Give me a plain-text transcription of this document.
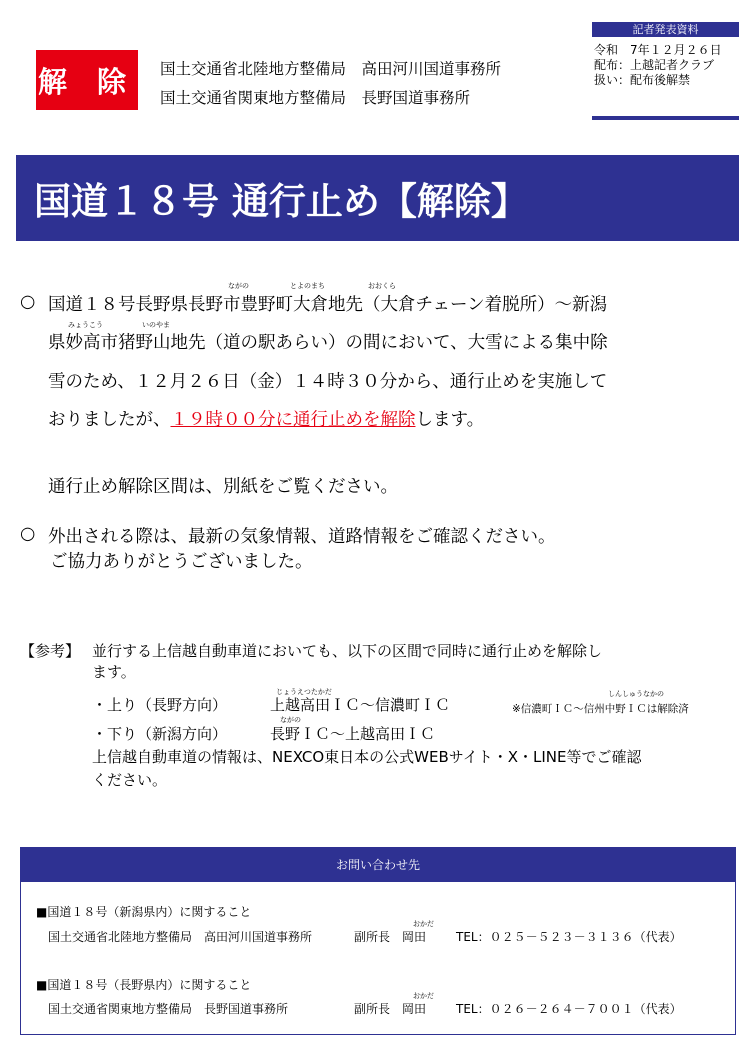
記者発表資料
令和　7年１２月２６日
配布：上越記者クラブ
扱い：配布後解禁
解 除 国土交通省北陸地方整備局　高田河川国道事務所
国土交通省関東地方整備局　長野国道事務所
国道１８号 通行止め【解除】
○
ながの	とよのまち	おおくら
国道１８号長野県長野市豊野町大倉地先（大倉チェーン着脱所）～新潟
みょうこう	いのやま
県妙高市猪野山地先（道の駅あらい）の間において、大雪による集中除
雪のため、１２月２６日（金）１４時３０分から、通行止めを実施して
おりましたが、１９時００分に通行止めを解除します。
通行止め解除区間は、別紙をご覧ください。
○ 外出される際は、最新の気象情報、道路情報をご確認ください。
ご協力ありがとうございました。
【参考】 並行する上信越自動車道においても、以下の区間で同時に通行止めを解除し
ます。
じょうえつたかだ	しんしゅうなかの
・上り（長野方向）	上越高田ＩＣ～信濃町ＩＣ	※信濃町ＩＣ～信州中野ＩＣは解除済
ながの
・下り（新潟方向）	長野ＩＣ～上越高田ＩＣ
上信越自動車道の情報は、NEXCO東日本の公式WEBサイト・X・LINE等でご確認
ください。
お問い合わせ先
■国道１８号（新潟県内）に関すること
おかだ
国土交通省北陸地方整備局　高田河川国道事務所	副所長　岡田 TEL：０２５－５２３－３１３６（代表）
■国道１８号（長野県内）に関すること
おかだ
国土交通省関東地方整備局　長野国道事務所	副所長　岡田 TEL：０２６－２６４－７００１（代表）
